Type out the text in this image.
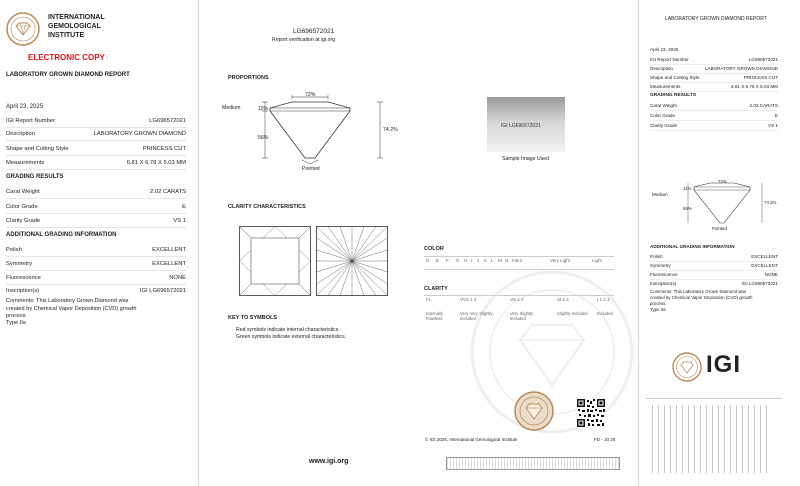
INTERNATIONAL
GEMOLOGICAL
INSTITUTE
ELECTRONIC COPY
LABORATORY GROWN DIAMOND REPORT
April 23, 2025
IGI Report Number	LG696572021
Description	LABORATORY GROWN DIAMOND
Shape and Cutting Style	PRINCESS CUT
Measurements	6.81 X 6.78 X 5.03 MM
GRADING RESULTS
Carat Weight	2.02 CARATS
Color Grade	E
Clarity Grade	VS 1
ADDITIONAL GRADING INFORMATION
Polish	EXCELLENT
Symmetry	EXCELLENT
Fluorescence	NONE
Inscription(s)	IGI LG696572021
Comments: This Laboratory Grown Diamond was
created by Chemical Vapor Deposition (CVD) growth
process.
Type IIa
LG696572021
Report verification at igi.org
PROPORTIONS
72%
11%
Medium
56%
74.2%
Pointed
IGI LG696572021
Sample Image Used
CLARITY CHARACTERISTICS
KEY TO SYMBOLS
Red symbols indicate internal characteristics.
Green symbols indicate external characteristics.
www.igi.org
COLOR
D E F G H I J K L M N Faint	Very Light	Light
CLARITY
FL	VVS 1 2	VS 1 2	SI 1 2	I 1 2 3
Internally Flawless
Very Very Slightly Included
Very Slightly Included
Slightly Included	Included
© IGI 2025, International Gemological Institute	FD - 10 20
LABORATORY GROWN DIAMOND REPORT
April 23, 2025
IGI Report Number	LG696572021
Description	LABORATORY GROWN DIAMOND
Shape and Cutting Style	PRINCESS CUT
Measurements	6.81 X 6.78 X 5.03 MM
GRADING RESULTS
Carat Weight	2.02 CARATS
Color Grade	E
Clarity Grade	VS 1
72%
11%
Medium
56%
74.2%
Pointed
ADDITIONAL GRADING INFORMATION
Polish	EXCELLENT
Symmetry	EXCELLENT
Fluorescence	NONE
Inscription(s)	IGI LG696572021
Comments: This Laboratory Grown Diamond was
created by Chemical Vapor Deposition (CVD) growth
process.
Type IIa
IGI
